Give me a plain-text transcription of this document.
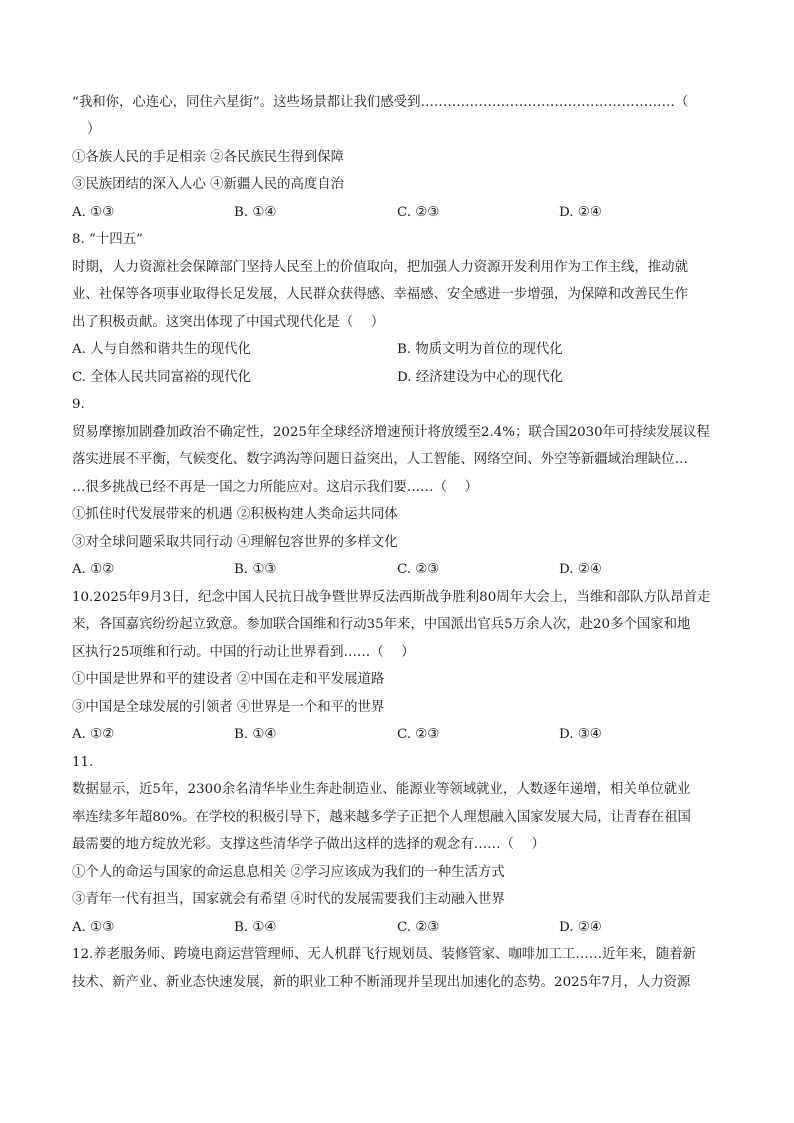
“我和你，心连心，同住六星街”。这些场景都让我们感受到…………………………………………………（
）
①各族人民的手足相亲 ②各民族民生得到保障
③民族团结的深入人心 ④新疆人民的高度自治
A. ①③	B. ①④	C. ②③	D. ②④
8. “十四五”
时期，人力资源社会保障部门坚持人民至上的价值取向，把加强人力资源开发利用作为工作主线，推动就
业、社保等各项事业取得长足发展，人民群众获得感、幸福感、安全感进一步增强，为保障和改善民生作
出了积极贡献。这突出体现了中国式现代化是（　 ）
A. 人与自然和谐共生的现代化	B. 物质文明为首位的现代化
C. 全体人民共同富裕的现代化	D. 经济建设为中心的现代化
9.
贸易摩擦加剧叠加政治不确定性，2025年全球经济增速预计将放缓至2.4%；联合国2030年可持续发展议程
落实进展不平衡，气候变化、数字鸿沟等问题日益突出，人工智能、网络空间、外空等新疆域治理缺位…
…很多挑战已经不再是一国之力所能应对。这启示我们要……（　 ）
①抓住时代发展带来的机遇 ②积极构建人类命运共同体
③对全球问题采取共同行动 ④理解包容世界的多样文化
A. ①②	B. ①③	C. ②③	D. ②④
10.2025年9月3日，纪念中国人民抗日战争暨世界反法西斯战争胜利80周年大会上，当维和部队方队昂首走
来，各国嘉宾纷纷起立致意。参加联合国维和行动35年来，中国派出官兵5万余人次，赴20多个国家和地
区执行25项维和行动。中国的行动让世界看到……（　 ）
①中国是世界和平的建设者 ②中国在走和平发展道路
③中国是全球发展的引领者 ④世界是一个和平的世界
A. ①②	B. ①④	C. ②③	D. ③④
11.
数据显示，近5年，2300余名清华毕业生奔赴制造业、能源业等领域就业，人数逐年递增，相关单位就业
率连续多年超80%。在学校的积极引导下，越来越多学子正把个人理想融入国家发展大局，让青春在祖国
最需要的地方绽放光彩。支撑这些清华学子做出这样的选择的观念有……（　 ）
①个人的命运与国家的命运息息相关 ②学习应该成为我们的一种生活方式
③青年一代有担当，国家就会有希望 ④时代的发展需要我们主动融入世界
A. ①③	B. ①④	C. ②③	D. ②④
12.养老服务师、跨境电商运营管理师、无人机群飞行规划员、装修管家、咖啡加工工……近年来，随着新
技术、新产业、新业态快速发展，新的职业工种不断涌现并呈现出加速化的态势。2025年7月，人力资源
